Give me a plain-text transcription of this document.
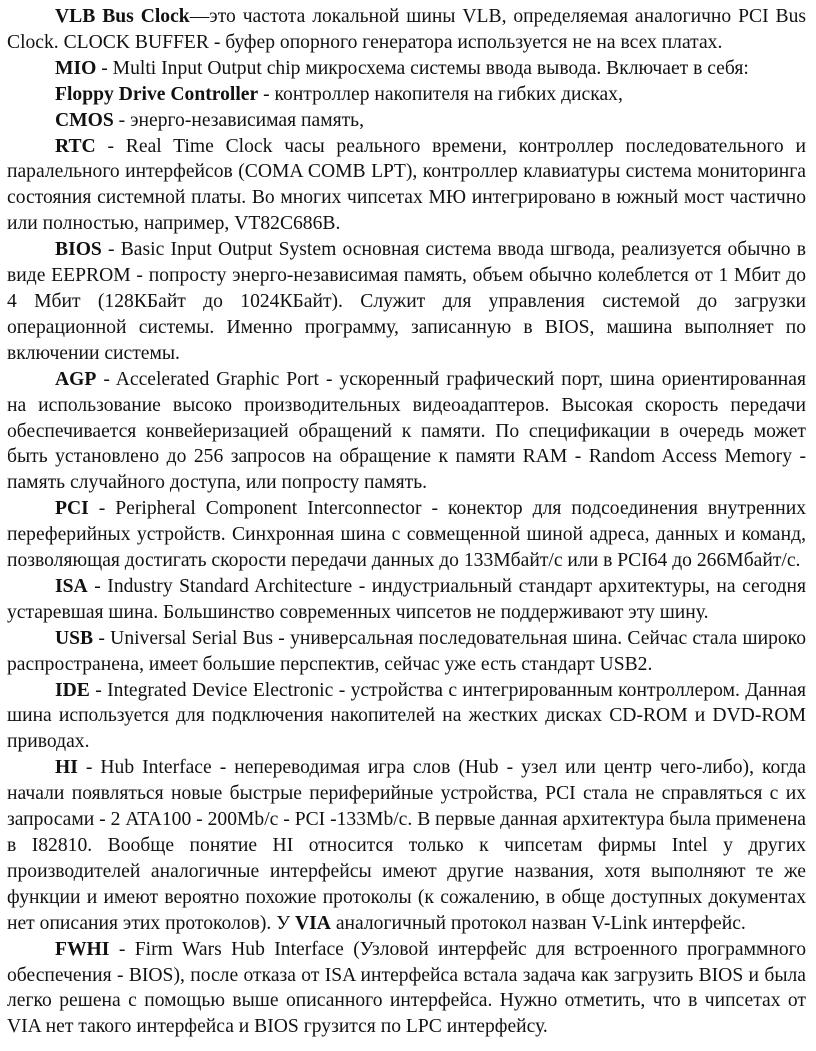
VLB Bus Clock—это частота локальной шины VLB, определяемая аналогично PCI Bus Clock. CLOCK BUFFER - буфер опорного генератора используется не на всех платах.

MIO - Multi Input Output chip микросхема системы ввода вывода. Включает в себя:

Floppy Drive Controller - контроллер накопителя на гибких дисках,

CMOS - энерго-независимая память,

RTC - Real Time Clock часы реального времени, контроллер последовательного и паралельного интерфейсов (COMA COMB LPT), контроллер клавиатуры система мониторинга состояния системной платы. Во многих чипсетах МЮ интегрировано в южный мост частично или полностью, например, VT82C686B.

BIOS - Basic Input Output System основная система ввода шгвода, реализуется обычно в виде EEPROM - попросту энерго-независимая память, объем обычно колеблется от 1 Мбит до 4 Мбит (128КБайт до 1024КБайт). Служит для управления системой до загрузки операционной системы. Именно программу, записанную в BIOS, машина выполняет по включении системы.

AGP - Accelerated Graphic Port - ускоренный графический порт, шина ориентированная на использование высоко производительных видеоадаптеров. Высокая скорость передачи обеспечивается конвейеризацией обращений к памяти. По спецификации в очередь может быть установлено до 256 запросов на обращение к памяти RAM - Random Access Memory - память случайного доступа, или попросту память.

PCI - Peripheral Component Interconnector - конектор для подсоединения внутренних переферийных устройств. Синхронная шина с совмещенной шиной адреса, данных и команд, позволяющая достигать скорости передачи данных до 133Мбайт/с или в PCI64 до 266Мбайт/с.

ISA - Industry Standard Architecture - индустриальный стандарт архитектуры, на сегодня устаревшая шина. Большинство современных чипсетов не поддерживают эту шину.

USB - Universal Serial Bus - универсальная последовательная шина. Сейчас стала широко распространена, имеет большие перспектив, сейчас уже есть стандарт USB2.

IDE - Integrated Device Electronic - устройства с интегрированным контроллером. Данная шина используется для подключения накопителей на жестких дисках CD-ROM и DVD-ROM приводах.

HI - Hub Interface - непереводимая игра слов (Hub - узел или центр чего-либо), когда начали появляться новые быстрые периферийные устройства, PCI стала не справляться с их запросами - 2 ATA100 - 200Mb/c - PCI -133Mb/c. В первые данная архитектура была применена в I82810. Вообще понятие HI относится только к чипсетам фирмы Intel у других производителей аналогичные интерфейсы имеют другие названия, хотя выполняют те же функции и имеют вероятно похожие протоколы (к сожалению, в обще доступных документах нет описания этих протоколов). У VIA аналогичный протокол назван V-Link интерфейс.

FWHI - Firm Wars Hub Interface (Узловой интерфейс для встроенного программного обеспечения - BIOS), после отказа от ISA интерфейса встала задача как загрузить BIOS и была легко решена с помощью выше описанного интерфейса. Нужно отметить, что в чипсетах от VIA нет такого интерфейса и BIOS грузится по LPC интерфейсу.
